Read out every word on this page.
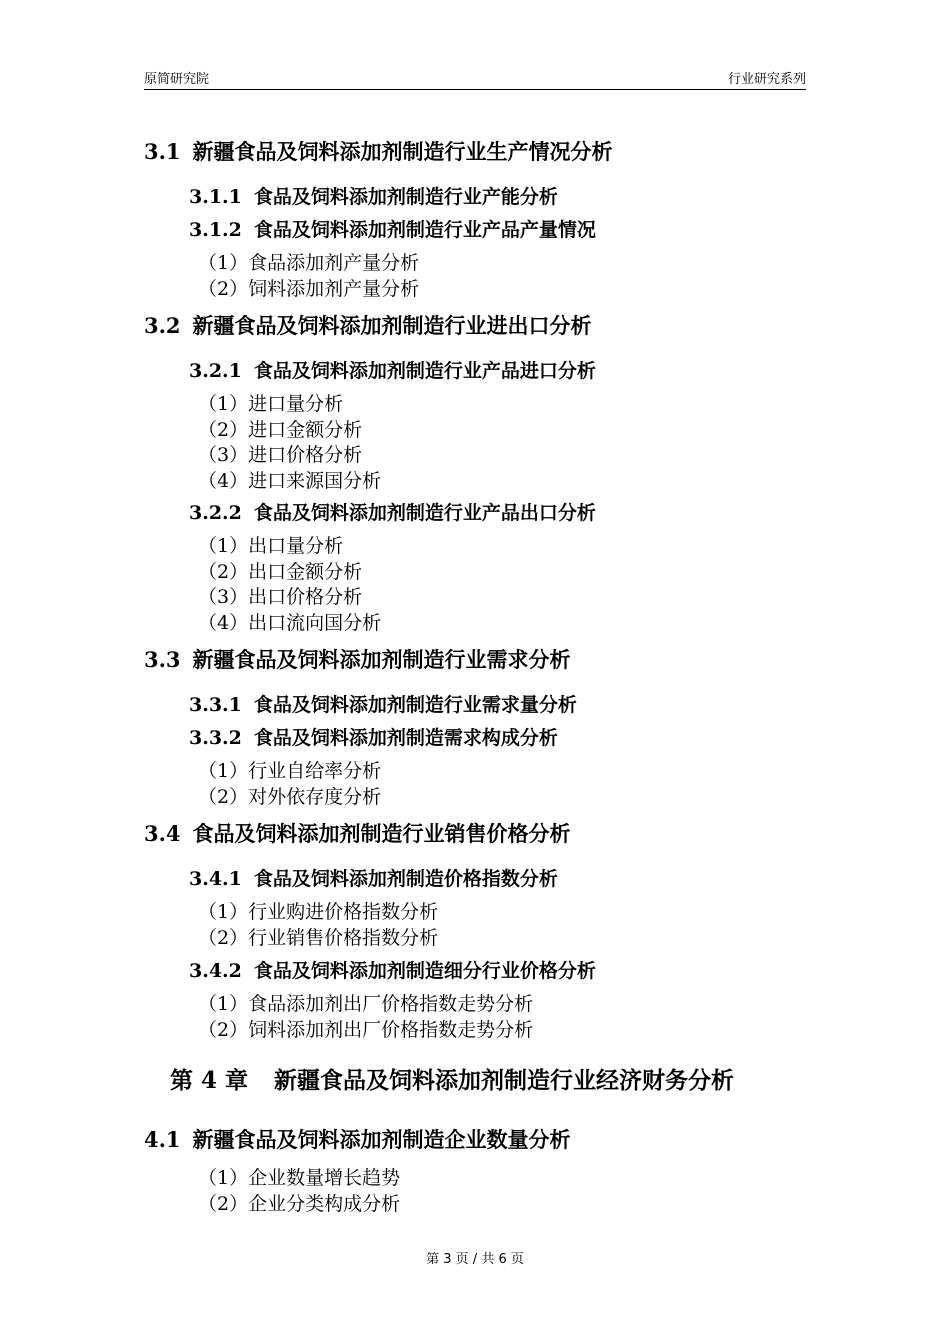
原简研究院	行业研究系列
3.1 新疆食品及饲料添加剂制造行业生产情况分析
3.1.1 食品及饲料添加剂制造行业产能分析
3.1.2 食品及饲料添加剂制造行业产品产量情况
（1）食品添加剂产量分析
（2）饲料添加剂产量分析
3.2 新疆食品及饲料添加剂制造行业进出口分析
3.2.1 食品及饲料添加剂制造行业产品进口分析
（1）进口量分析
（2）进口金额分析
（3）进口价格分析
（4）进口来源国分析
3.2.2 食品及饲料添加剂制造行业产品出口分析
（1）出口量分析
（2）出口金额分析
（3）出口价格分析
（4）出口流向国分析
3.3 新疆食品及饲料添加剂制造行业需求分析
3.3.1 食品及饲料添加剂制造行业需求量分析
3.3.2 食品及饲料添加剂制造需求构成分析
（1）行业自给率分析
（2）对外依存度分析
3.4 食品及饲料添加剂制造行业销售价格分析
3.4.1 食品及饲料添加剂制造价格指数分析
（1）行业购进价格指数分析
（2）行业销售价格指数分析
3.4.2 食品及饲料添加剂制造细分行业价格分析
（1）食品添加剂出厂价格指数走势分析
（2）饲料添加剂出厂价格指数走势分析
第 4 章 新疆食品及饲料添加剂制造行业经济财务分析
4.1 新疆食品及饲料添加剂制造企业数量分析
（1）企业数量增长趋势
（2）企业分类构成分析
第 3 页 / 共 6 页
